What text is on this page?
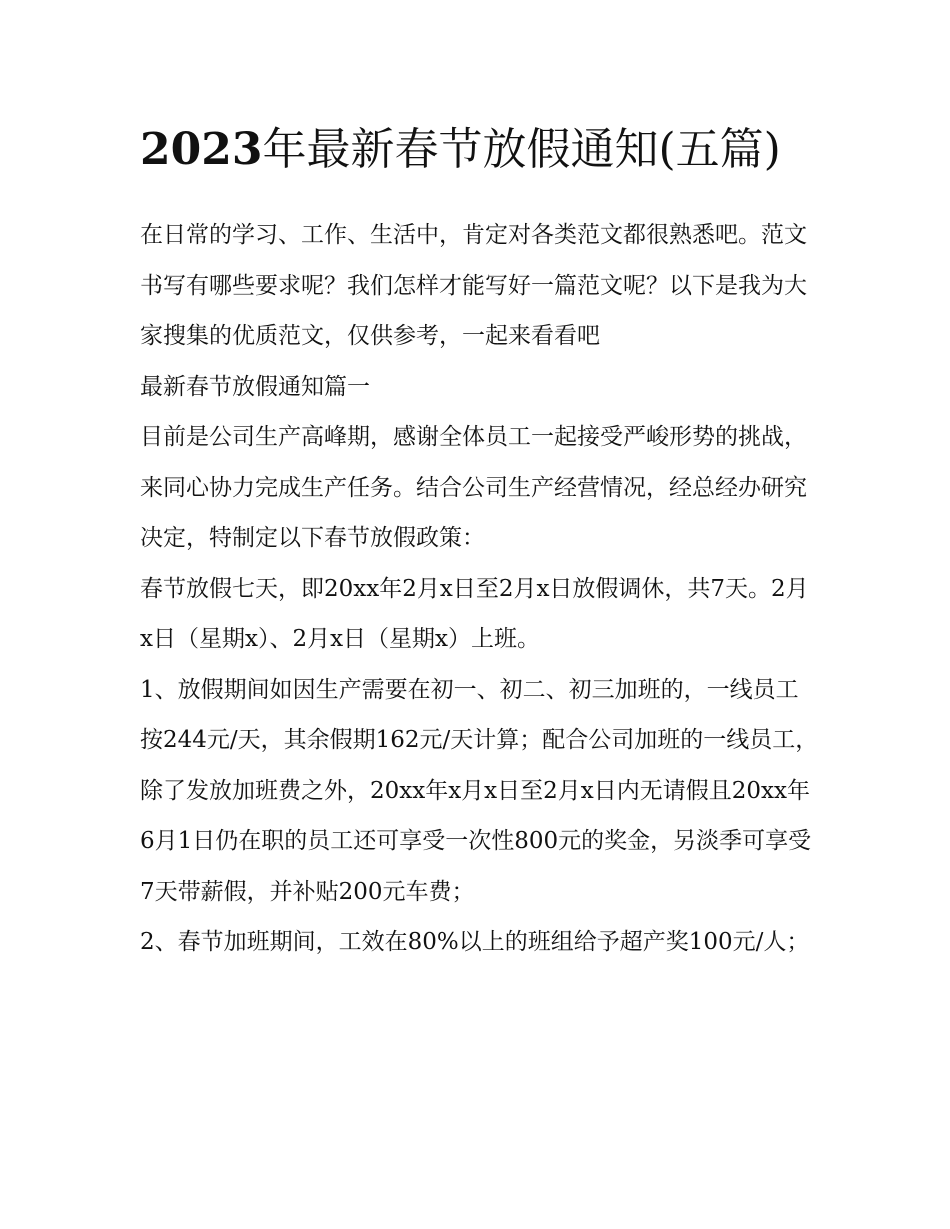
2023年最新春节放假通知(五篇)

在日常的学习、工作、生活中，肯定对各类范文都很熟悉吧。范文书写有哪些要求呢？我们怎样才能写好一篇范文呢？以下是我为大家搜集的优质范文，仅供参考，一起来看看吧

最新春节放假通知篇一

目前是公司生产高峰期，感谢全体员工一起接受严峻形势的挑战，来同心协力完成生产任务。结合公司生产经营情况，经总经办研究决定，特制定以下春节放假政策：

春节放假七天，即20xx年2月x日至2月x日放假调休，共7天。2月x日（星期x）、2月x日（星期x）上班。

1、放假期间如因生产需要在初一、初二、初三加班的，一线员工按244元/天，其余假期162元/天计算；配合公司加班的一线员工，除了发放加班费之外，20xx年x月x日至2月x日内无请假且20xx年6月1日仍在职的员工还可享受一次性800元的奖金，另淡季可享受7天带薪假，并补贴200元车费；

2、春节加班期间，工效在80%以上的班组给予超产奖100元/人；
